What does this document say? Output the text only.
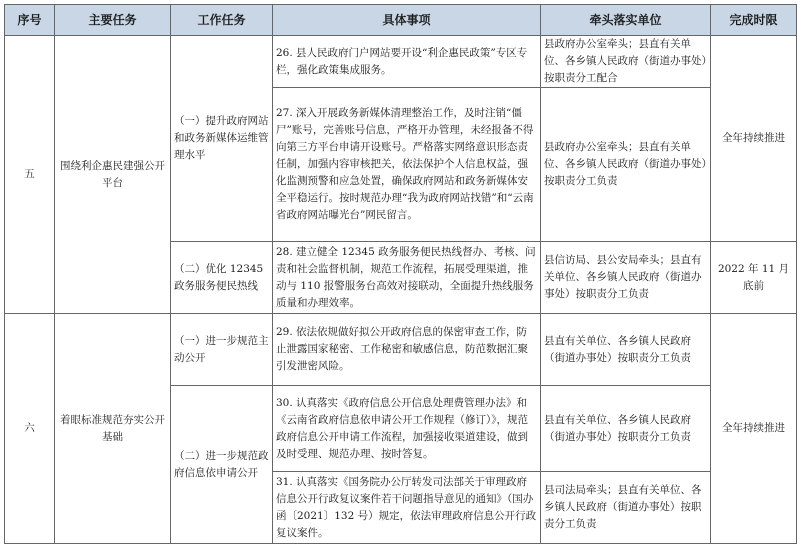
序号	主要任务	工作任务	具体事项	牵头落实单位	完成时限
五	围绕利企惠民建强公开平台	（一）提升政府网站和政务新媒体运维管理水平	26. 县人民政府门户网站要开设“利企惠民政策”专区专栏，强化政策集成服务。	县政府办公室牵头；县直有关单位、各乡镇人民政府（街道办事处）按职责分工配合	全年持续推进
			27. 深入开展政务新媒体清理整治工作，及时注销“僵尸”账号，完善账号信息，严格开办管理，未经报备不得向第三方平台申请开设账号。严格落实网络意识形态责任制，加强内容审核把关，依法保护个人信息权益，强化监测预警和应急处置，确保政府网站和政务新媒体安全平稳运行。按时规范办理“我为政府网站找错”和“云南省政府网站曝光台”网民留言。	县政府办公室牵头；县直有关单位、各乡镇人民政府（街道办事处）按职责分工负责	
		（二）优化 12345 政务服务便民热线	28. 建立健全 12345 政务服务便民热线督办、考核、问责和社会监督机制，规范工作流程，拓展受理渠道，推动与 110 报警服务台高效对接联动，全面提升热线服务质量和办理效率。	县信访局、县公安局牵头；县直有关单位、各乡镇人民政府（街道办事处）按职责分工负责	2022 年 11 月底前
六	着眼标准规范夯实公开基础	（一）进一步规范主动公开	29. 依法依规做好拟公开政府信息的保密审查工作，防止泄露国家秘密、工作秘密和敏感信息，防范数据汇聚引发泄密风险。	县直有关单位、各乡镇人民政府（街道办事处）按职责分工负责	全年持续推进
		（二）进一步规范政府信息依申请公开	30. 认真落实《政府信息公开信息处理费管理办法》和《云南省政府信息依申请公开工作规程（修订）》，规范政府信息公开申请工作流程，加强接收渠道建设，做到及时受理、规范办理、按时答复。	县直有关单位、各乡镇人民政府（街道办事处）按职责分工负责	
			31. 认真落实《国务院办公厅转发司法部关于审理政府信息公开行政复议案件若干问题指导意见的通知》（国办函〔2021〕132 号）规定，依法审理政府信息公开行政复议案件。	县司法局牵头；县直有关单位、各乡镇人民政府（街道办事处）按职责分工负责	
